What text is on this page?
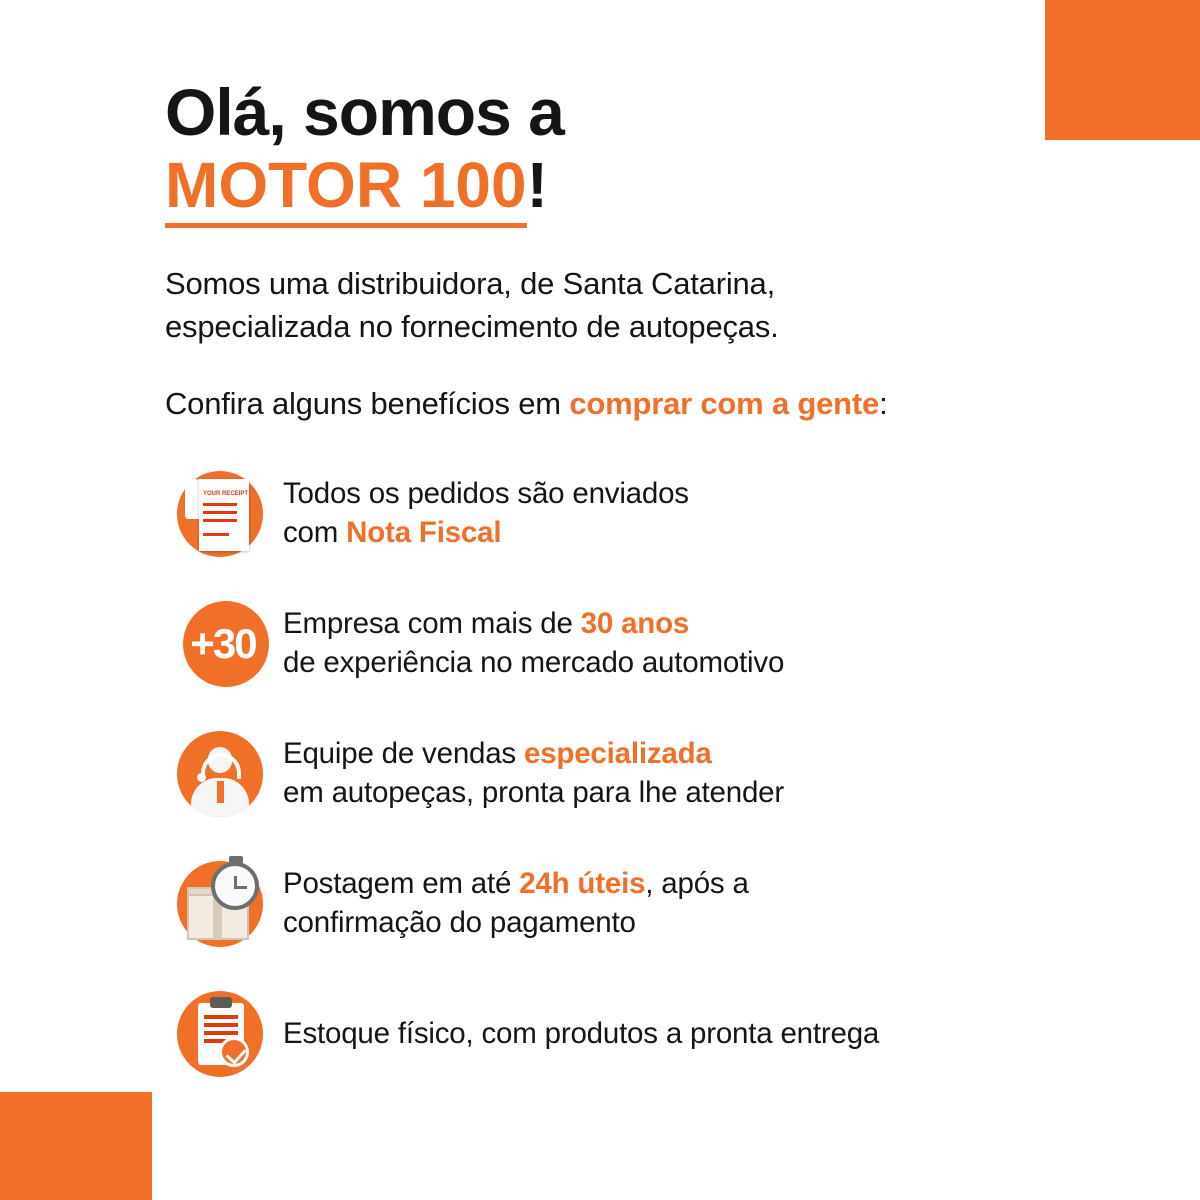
Olá, somos a
MOTOR 100!
Somos uma distribuidora, de Santa Catarina,
especializada no fornecimento de autopeças.
Confira alguns benefícios em comprar com a gente:
YOUR RECEIPT Todos os pedidos são enviados
com Nota Fiscal
+30 Empresa com mais de 30 anos
de experiência no mercado automotivo
Equipe de vendas especializada
em autopeças, pronta para lhe atender
Postagem em até 24h úteis, após a
confirmação do pagamento
Estoque físico, com produtos a pronta entrega
